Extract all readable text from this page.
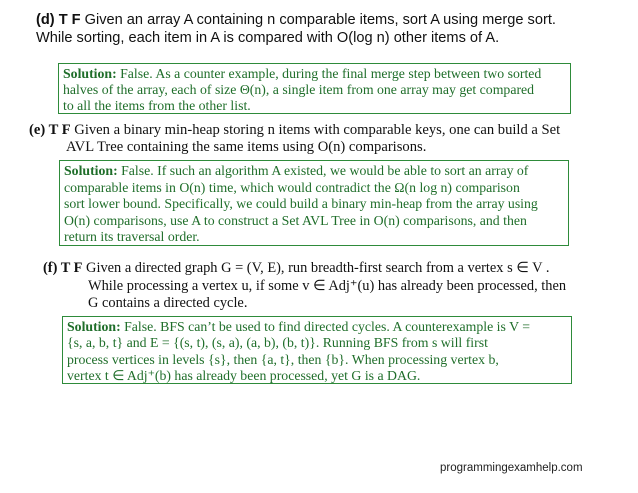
(d) T F Given an array A containing n comparable items, sort A using merge sort.
While sorting, each item in A is compared with O(log n) other items of A.

Solution: False. As a counter example, during the final merge step between two sorted

halves of the array, each of size Θ(n), a single item from one array may get compared

to all the items from the other list.

(e) T F Given a binary min-heap storing n items with comparable keys, one can build a Set
AVL Tree containing the same items using O(n) comparisons.

Solution: False. If such an algorithm A existed, we would be able to sort an array of

comparable items in O(n) time, which would contradict the Ω(n log n) comparison

sort lower bound. Specifically, we could build a binary min-heap from the array using

O(n) comparisons, use A to construct a Set AVL Tree in O(n) comparisons, and then

return its traversal order.

(f) T F Given a directed graph G = (V, E), run breadth-first search from a vertex s ∈ V .
While processing a vertex u, if some v ∈ Adj⁺(u) has already been processed, then
G contains a directed cycle.

Solution: False. BFS can’t be used to find directed cycles. A counterexample is V =

{s, a, b, t} and E = {(s, t), (s, a), (a, b), (b, t)}. Running BFS from s will first

process vertices in levels {s}, then {a, t}, then {b}. When processing vertex b,

vertex t ∈ Adj⁺(b) has already been processed, yet G is a DAG.

programmingexamhelp.com
